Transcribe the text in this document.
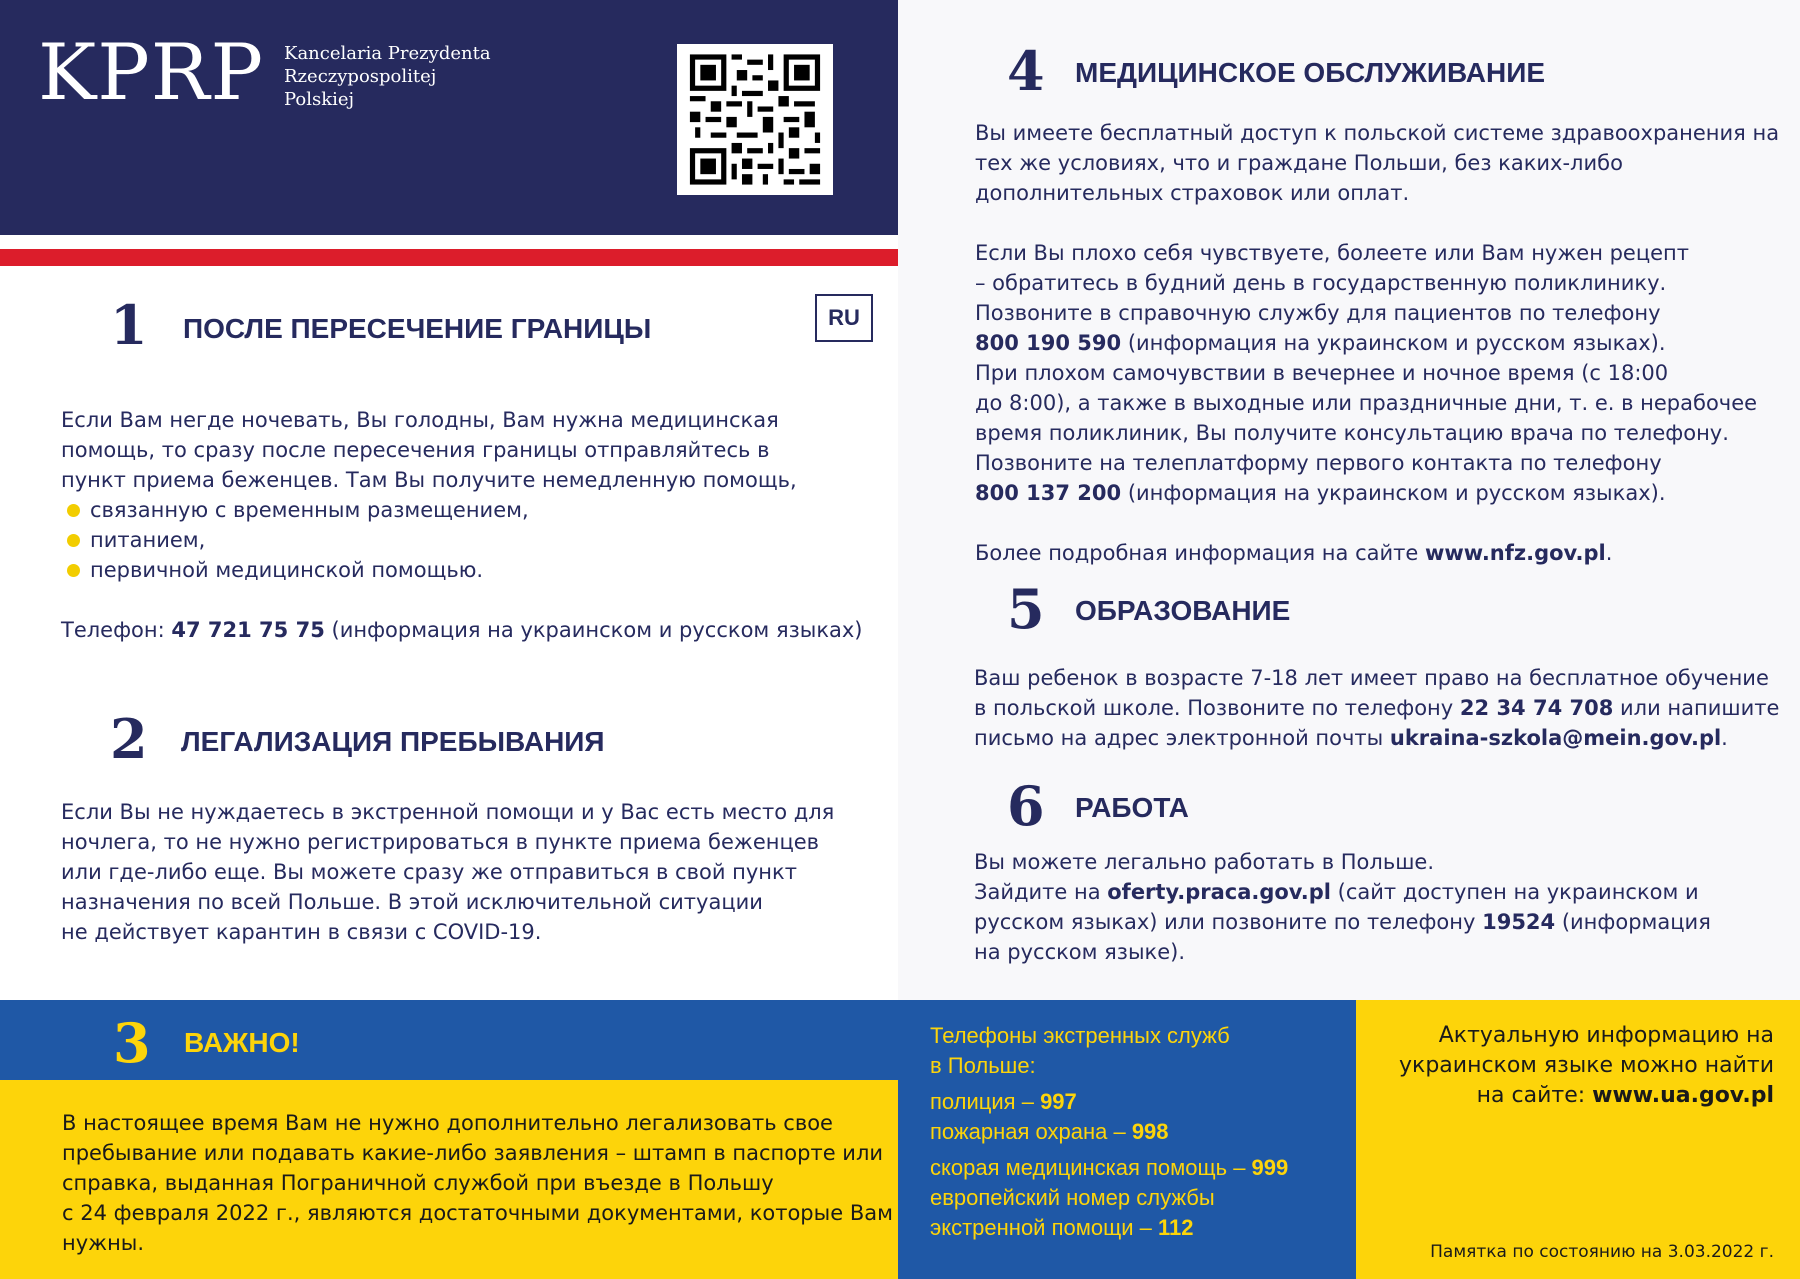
KPRP Kancelaria Prezydenta
Rzeczypospolitej
Polskiej
1 ПОСЛЕ ПЕРЕСЕЧЕНИЕ ГРАНИЦЫ	RU

Если Вам негде ночевать, Вы голодны, Вам нужна медицинская

помощь, то сразу после пересечения границы отправляйтесь в

пункт приема беженцев. Там Вы получите немедленную помощь,

связанную с временным размещением,
питанием,
первичной медицинской помощью.

Телефон: 47 721 75 75 (информация на украинском и русском языках)

2 ЛЕГАЛИЗАЦИЯ ПРЕБЫВАНИЯ

Если Вы не нуждаетесь в экстренной помощи и у Вас есть место для

ночлега, то не нужно регистрироваться в пункте приема беженцев

или где-либо еще. Вы можете сразу же отправиться в свой пункт

назначения по всей Польше. В этой исключительной ситуации

не действует карантин в связи с COVID-19.

4 МЕДИЦИНСКОЕ ОБСЛУЖИВАНИЕ

Вы имеете бесплатный доступ к польской системе здравоохранения на

тех же условиях, что и граждане Польши, без каких-либо

дополнительных страховок или оплат.

Если Вы плохо себя чувствуете, болеете или Вам нужен рецепт

– обратитесь в будний день в государственную поликлинику.

Позвоните в справочную службу для пациентов по телефону

800 190 590 (информация на украинском и русском языках).

При плохом самочувствии в вечернее и ночное время (с 18:00

до 8:00), а также в выходные или праздничные дни, т. е. в нерабочее

время поликлиник, Вы получите консультацию врача по телефону.

Позвоните на телеплатформу первого контакта по телефону

800 137 200 (информация на украинском и русском языках).

Более подробная информация на сайте www.nfz.gov.pl.

5 ОБРАЗОВАНИЕ

Ваш ребенок в возрасте 7-18 лет имеет право на бесплатное обучение

в польской школе. Позвоните по телефону 22 34 74 708 или напишите

письмо на адрес электронной почты ukraina-szkola@mein.gov.pl.

6 РАБОТА

Вы можете легально работать в Польше.

Зайдите на oferty.praca.gov.pl (сайт доступен на украинском и

русском языках) или позвоните по телефону 19524 (информация

на русском языке).

3 ВАЖНО!

В настоящее время Вам не нужно дополнительно легализовать свое

пребывание или подавать какие-либо заявления – штамп в паспорте или

справка, выданная Пограничной службой при въезде в Польшу

с 24 февраля 2022 г., являются достаточными документами, которые Вам

нужны.

Телефоны экстренных служб

в Польше:

полиция – 997

пожарная охрана – 998

скорая медицинская помощь – 999

европейский номер службы

экстренной помощи – 112

Актуальную информацию на

украинском языке можно найти

на сайте: www.ua.gov.pl

Памятка по состоянию на 3.03.2022 г.
